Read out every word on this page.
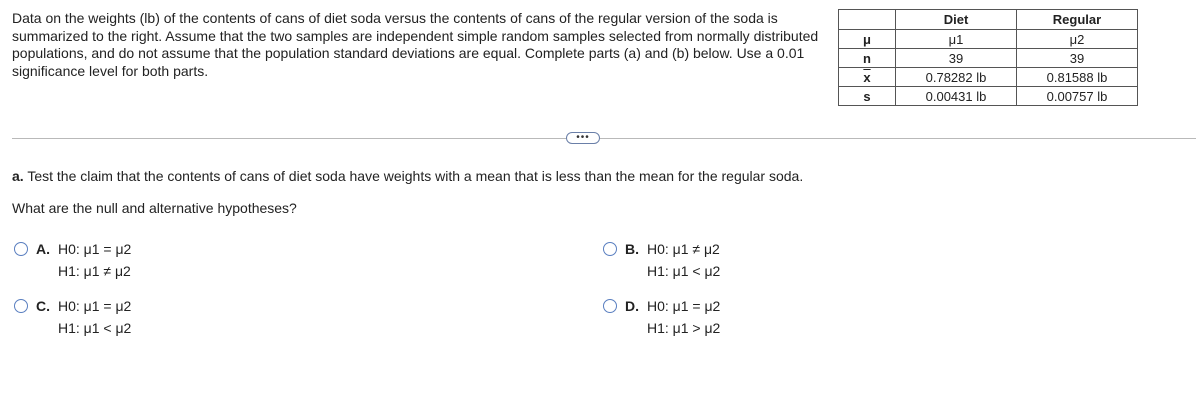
Data on the weights (lb) of the contents of cans of diet soda versus the contents of cans of the regular version of the soda is summarized to the right. Assume that the two samples are independent simple random samples selected from normally distributed populations, and do not assume that the population standard deviations are equal. Complete parts (a) and (b) below. Use a 0.01 significance level for both parts.

	Diet	Regular
μ	μ1	μ2
n	39	39
$\overline{x}$	0.78282 lb	0.81588 lb
s	0.00431 lb	0.00757 lb
•••

a. Test the claim that the contents of cans of diet soda have weights with a mean that is less than the mean for the regular soda.

What are the null and alternative hypotheses?

A. H0: μ1 = μ2
H1: μ1 ≠ μ2
B. H0: μ1 ≠ μ2
H1: μ1 < μ2
C. H0: μ1 = μ2
H1: μ1 < μ2
D. H0: μ1 = μ2
H1: μ1 > μ2
